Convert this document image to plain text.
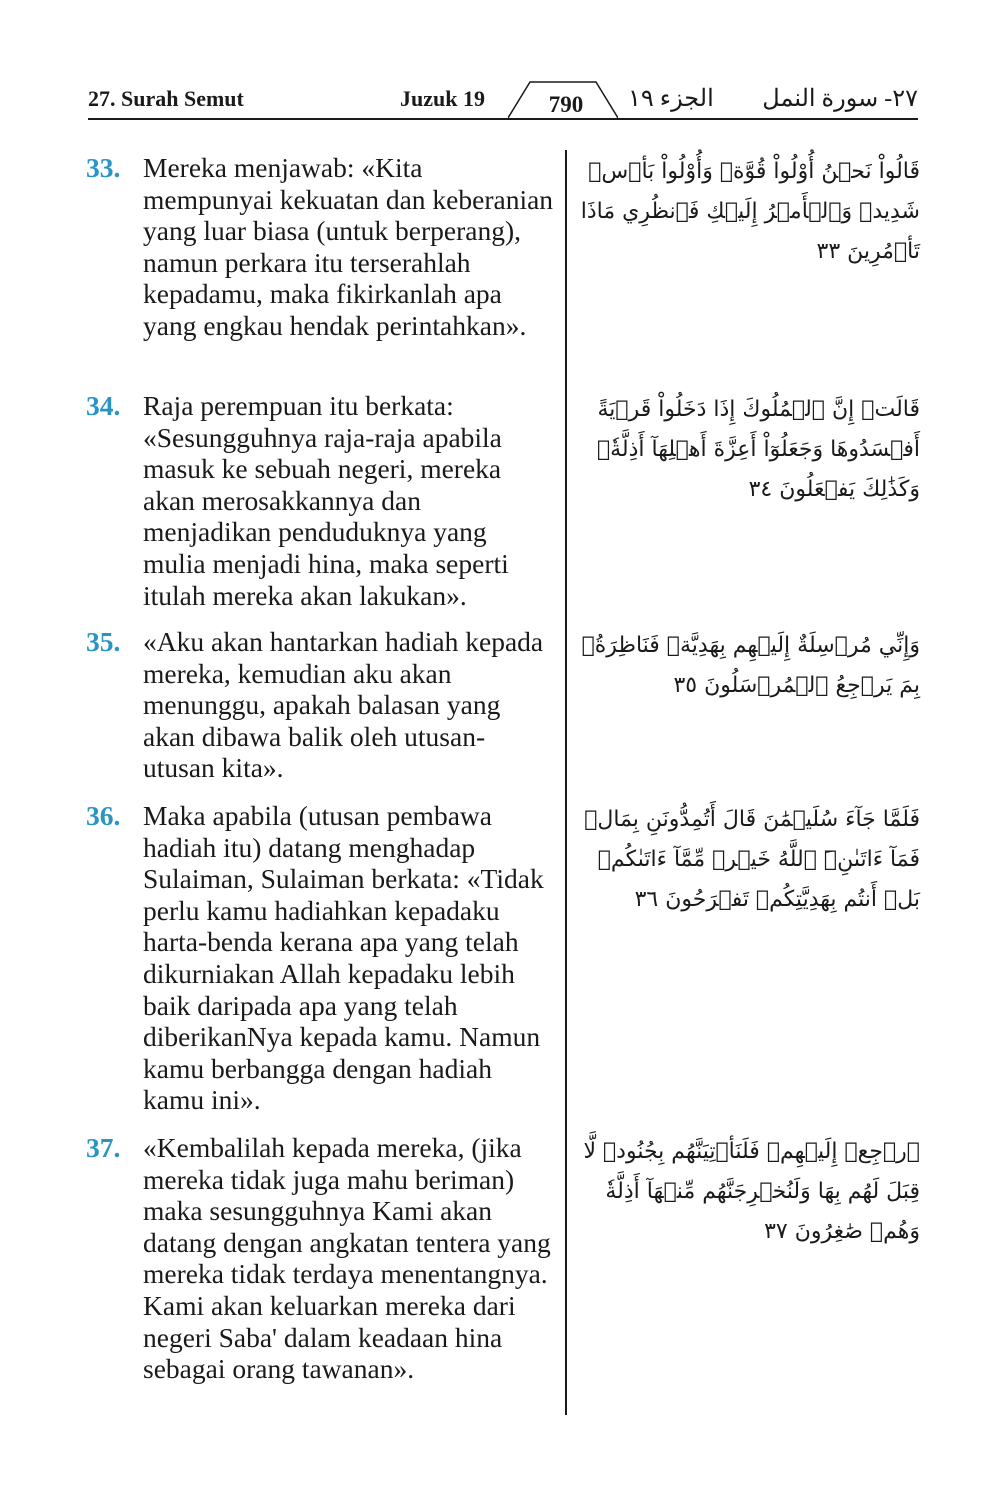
27. Surah Semut	Juzuk 19	790	الجزء ١٩ ٢٧- سورة النمل
33. Mereka menjawab: «Kita mempunyai kekuatan dan keberanian yang luar biasa (untuk berperang), namun perkara itu terserahlah kepadamu, maka fikirkanlah apa yang engkau hendak perintahkan».
قَالُواْ نَحۡنُ أُوْلُواْ قُوَّةٖ وَأُوْلُواْ بَأۡسٖ شَدِيدٖ وَٱلۡأَمۡرُ إِلَيۡكِ فَٱنظُرِي مَاذَا تَأۡمُرِينَ ٣٣
34. Raja perempuan itu berkata: «Sesungguhnya raja-raja apabila masuk ke sebuah negeri, mereka akan merosakkannya dan menjadikan penduduknya yang mulia menjadi hina, maka seperti itulah mereka akan lakukan».
قَالَتۡ إِنَّ ٱلۡمُلُوكَ إِذَا دَخَلُواْ قَرۡيَةً أَفۡسَدُوهَا وَجَعَلُوٓاْ أَعِزَّةَ أَهۡلِهَآ أَذِلَّةٗۚ وَكَذَٰلِكَ يَفۡعَلُونَ ٣٤
35. «Aku akan hantarkan hadiah kepada mereka, kemudian aku akan menunggu, apakah balasan yang akan dibawa balik oleh utusan-utusan kita».
وَإِنِّي مُرۡسِلَةٌ إِلَيۡهِم بِهَدِيَّةٖ فَنَاظِرَةُۢ بِمَ يَرۡجِعُ ٱلۡمُرۡسَلُونَ ٣٥
36. Maka apabila (utusan pembawa hadiah itu) datang menghadap Sulaiman, Sulaiman berkata: «Tidak perlu kamu hadiahkan kepadaku harta-benda kerana apa yang telah dikurniakan Allah kepadaku lebih baik daripada apa yang telah diberikanNya kepada kamu. Namun kamu berbangga dengan hadiah kamu ini».
فَلَمَّا جَآءَ سُلَيۡمَٰنَ قَالَ أَتُمِدُّونَنِ بِمَالٖ فَمَآ ءَاتَىٰنِۦَ ٱللَّهُ خَيۡرٞ مِّمَّآ ءَاتَىٰكُمۚ بَلۡ أَنتُم بِهَدِيَّتِكُمۡ تَفۡرَحُونَ ٣٦
37. «Kembalilah kepada mereka, (jika mereka tidak juga mahu beriman) maka sesungguhnya Kami akan datang dengan angkatan tentera yang mereka tidak terdaya menentangnya. Kami akan keluarkan mereka dari negeri Saba' dalam keadaan hina sebagai orang tawanan».
ٱرۡجِعۡ إِلَيۡهِمۡ فَلَنَأۡتِيَنَّهُم بِجُنُودٖ لَّا قِبَلَ لَهُم بِهَا وَلَنُخۡرِجَنَّهُم مِّنۡهَآ أَذِلَّةٗ وَهُمۡ صَٰغِرُونَ ٣٧
